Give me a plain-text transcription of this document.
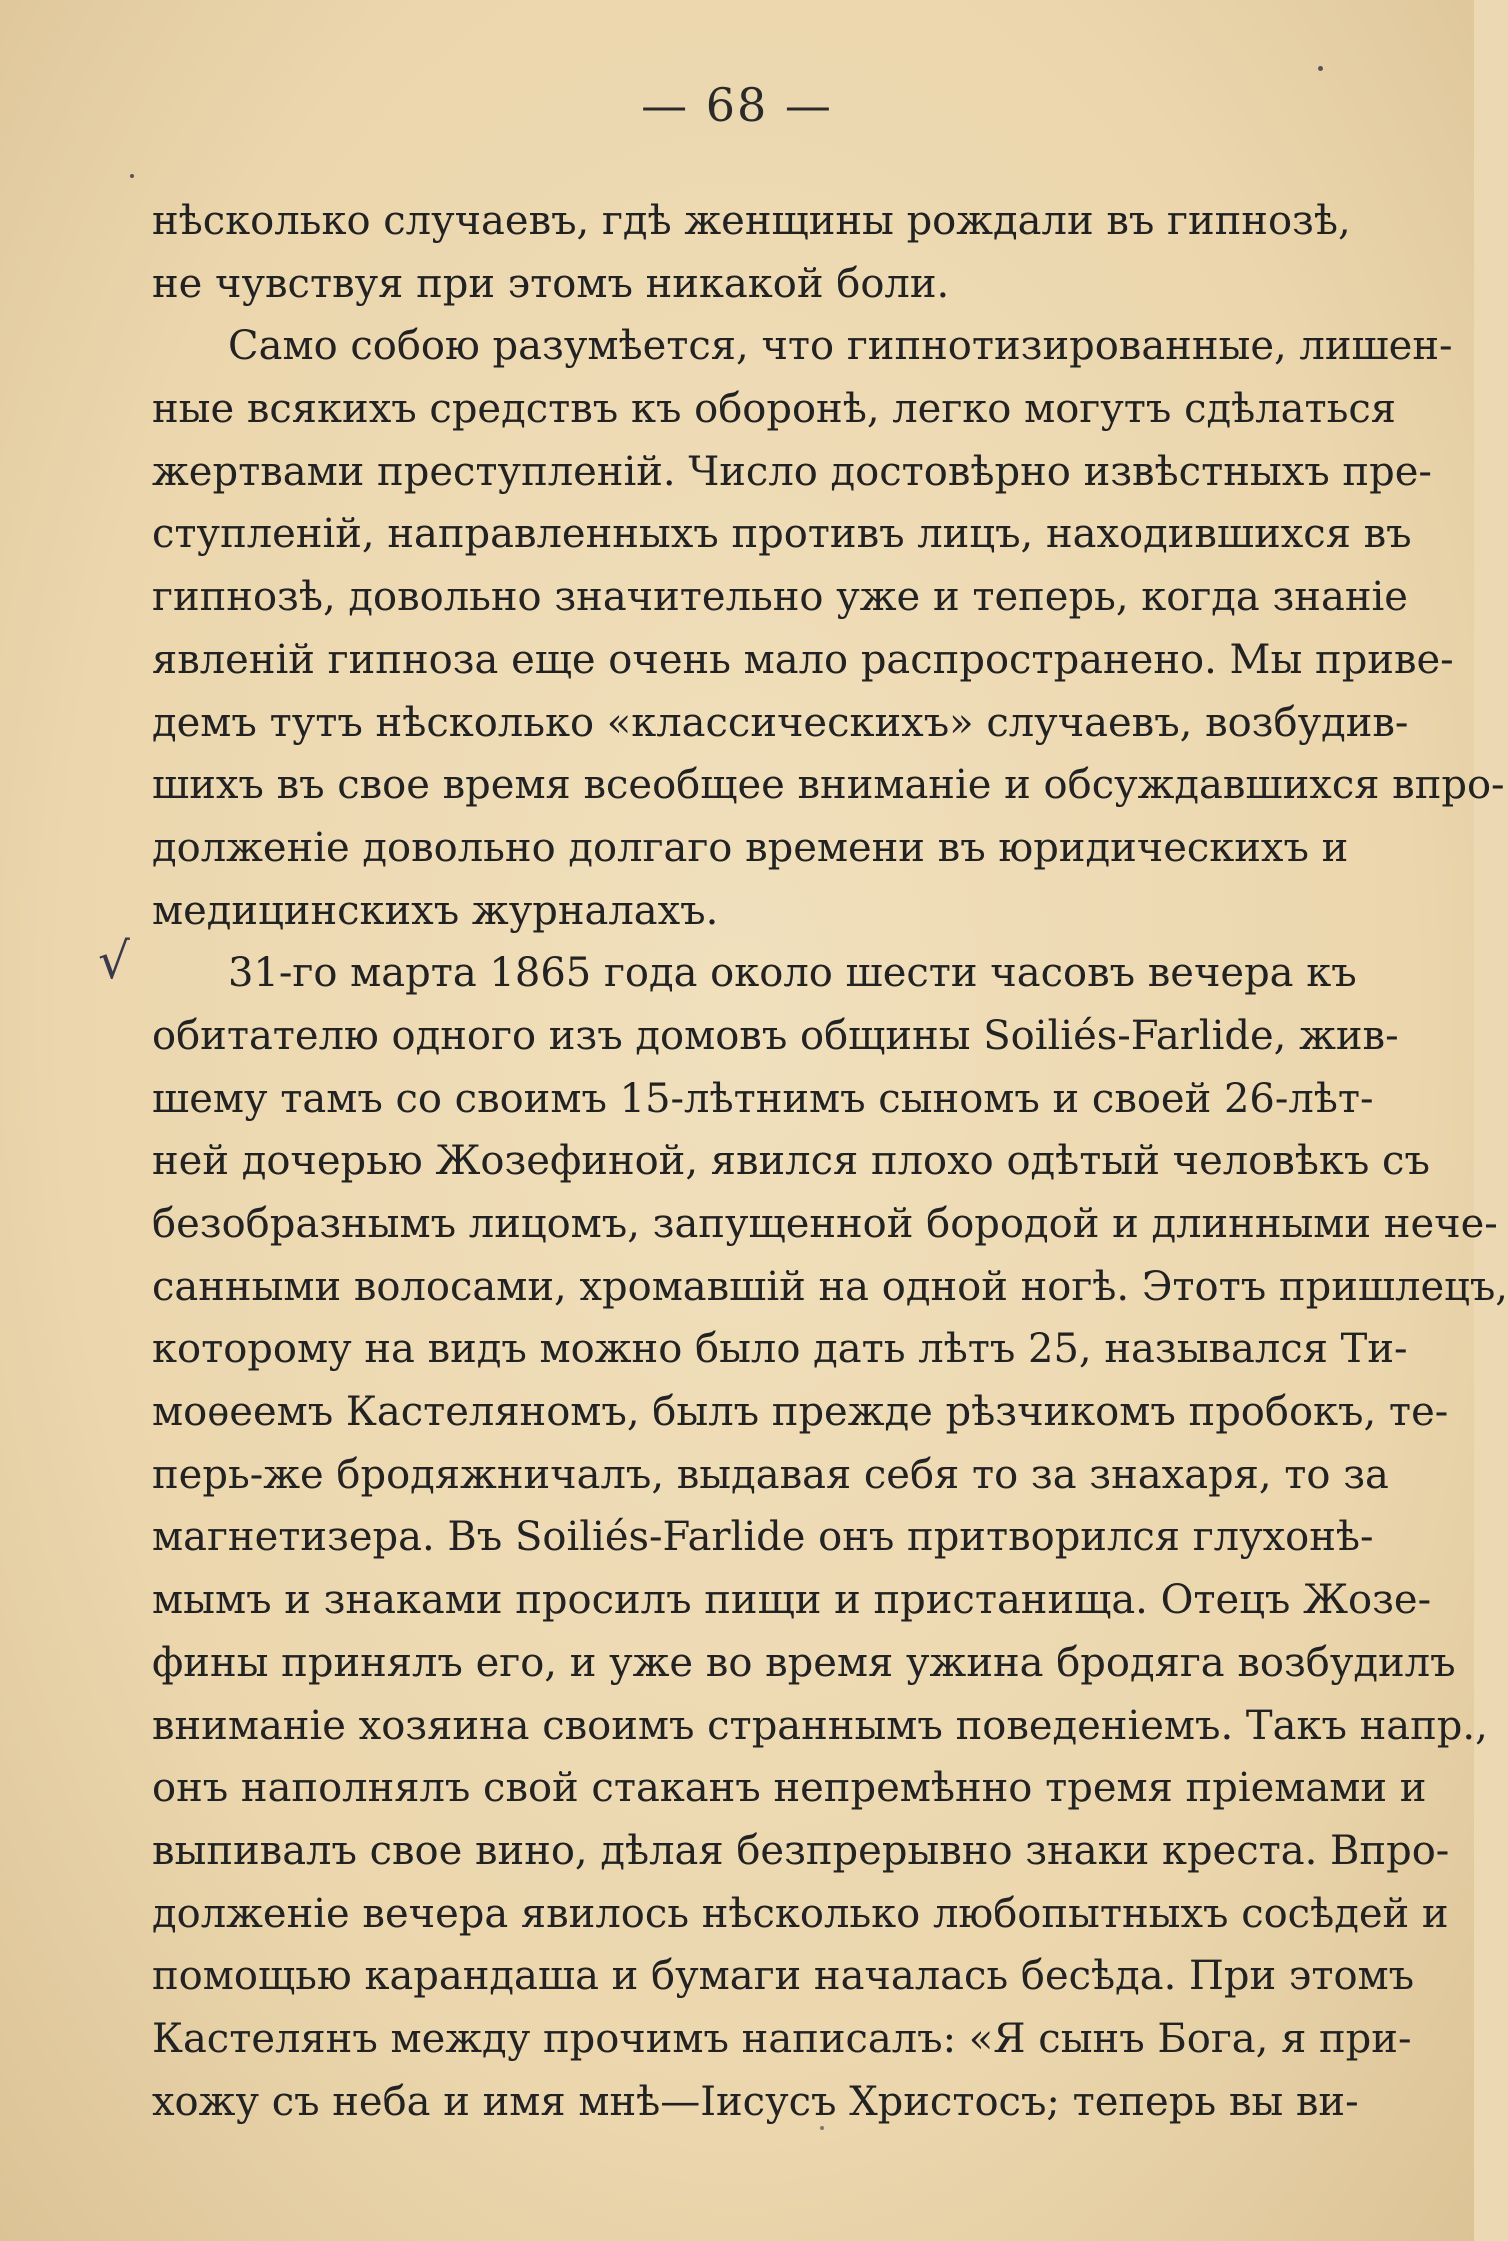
— 68 —
√
нѣсколько случаевъ, гдѣ женщины рождали въ гипнозѣ,
не чувствуя при этомъ никакой боли.
Само собою разумѣется, что гипнотизированные, лишен-
ные всякихъ средствъ къ оборонѣ, легко могутъ сдѣлаться
жертвами преступленій. Число достовѣрно извѣстныхъ пре-
ступленій, направленныхъ противъ лицъ, находившихся въ
гипнозѣ, довольно значительно уже и теперь, когда знаніе
явленій гипноза еще очень мало распространено. Мы приве-
демъ тутъ нѣсколько «классическихъ» случаевъ, возбудив-
шихъ въ свое время всеобщее вниманіе и обсуждавшихся впро-
долженіе довольно долгаго времени въ юридическихъ и
медицинскихъ журналахъ.
31-го марта 1865 года около шести часовъ вечера къ
обитателю одного изъ домовъ общины Soiliés-Farlide, жив-
шему тамъ со своимъ 15-лѣтнимъ сыномъ и своей 26-лѣт-
ней дочерью Жозефиной, явился плохо одѣтый человѣкъ съ
безобразнымъ лицомъ, запущенной бородой и длинными нече-
санными волосами, хромавшій на одной ногѣ. Этотъ пришлецъ,
которому на видъ можно было дать лѣтъ 25, назывался Ти-
моѳеемъ Кастеляномъ, былъ прежде рѣзчикомъ пробокъ, те-
перь-же бродяжничалъ, выдавая себя то за знахаря, то за
магнетизера. Въ Soiliés-Farlide онъ притворился глухонѣ-
мымъ и знаками просилъ пищи и пристанища. Отецъ Жозе-
фины принялъ его, и уже во время ужина бродяга возбудилъ
вниманіе хозяина своимъ страннымъ поведеніемъ. Такъ напр.,
онъ наполнялъ свой стаканъ непремѣнно тремя пріемами и
выпивалъ свое вино, дѣлая безпрерывно знаки креста. Впро-
долженіе вечера явилось нѣсколько любопытныхъ сосѣдей и
помощью карандаша и бумаги началась бесѣда. При этомъ
Кастелянъ между прочимъ написалъ: «Я сынъ Бога, я при-
хожу съ неба и имя мнѣ—Іисусъ Христосъ; теперь вы ви-
